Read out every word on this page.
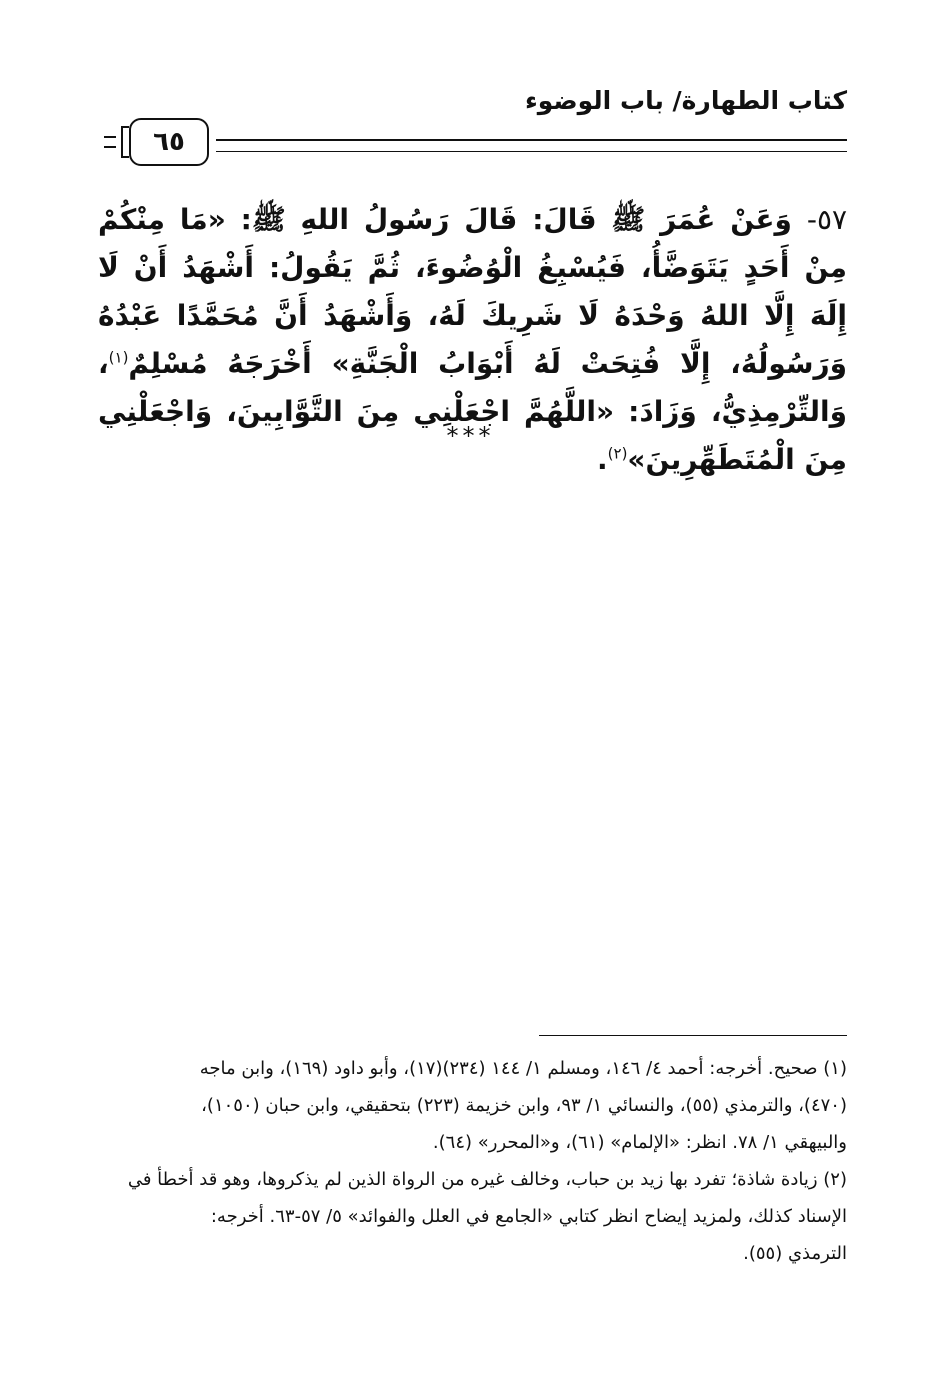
كتاب الطهارة/ باب الوضوء
٦٥
٥٧- وَعَنْ عُمَرَ ﷺ قَالَ: قَالَ رَسُولُ اللهِ ﷺ: «مَا مِنْكُمْ مِنْ أَحَدٍ يَتَوَضَّأُ، فَيُسْبِغُ الْوُضُوءَ، ثُمَّ يَقُولُ: أَشْهَدُ أَنْ لَا إِلَهَ إِلَّا اللهُ وَحْدَهُ لَا شَرِيكَ لَهُ، وَأَشْهَدُ أَنَّ مُحَمَّدًا عَبْدُهُ وَرَسُولُهُ، إِلَّا فُتِحَتْ لَهُ أَبْوَابُ الْجَنَّةِ» أَخْرَجَهُ مُسْلِمٌ$^{(١)}$، وَالتِّرْمِذِيُّ، وَزَادَ: «اللَّهُمَّ اجْعَلْنِي مِنَ التَّوَّابِينَ، وَاجْعَلْنِي مِنَ الْمُتَطَهِّرِينَ»$^{(٢)}$.
***

(١) صحيح. أخرجه: أحمد ٤/ ١٤٦، ومسلم ١/ ١٤٤ (٢٣٤)(١٧)، وأبو داود (١٦٩)، وابن ماجه
(٤٧٠)، والترمذي (٥٥)، والنسائي ١/ ٩٣، وابن خزيمة (٢٢٣) بتحقيقي، وابن حبان (١٠٥٠)،
والبيهقي ١/ ٧٨. انظر: «الإلمام» (٦١)، و«المحرر» (٦٤).

(٢) زيادة شاذة؛ تفرد بها زيد بن حباب، وخالف غيره من الرواة الذين لم يذكروها، وهو قد أخطأ في
الإسناد كذلك، ولمزيد إيضاح انظر كتابي «الجامع في العلل والفوائد» ٥/ ٥٧-٦٣. أخرجه:
الترمذي (٥٥).
